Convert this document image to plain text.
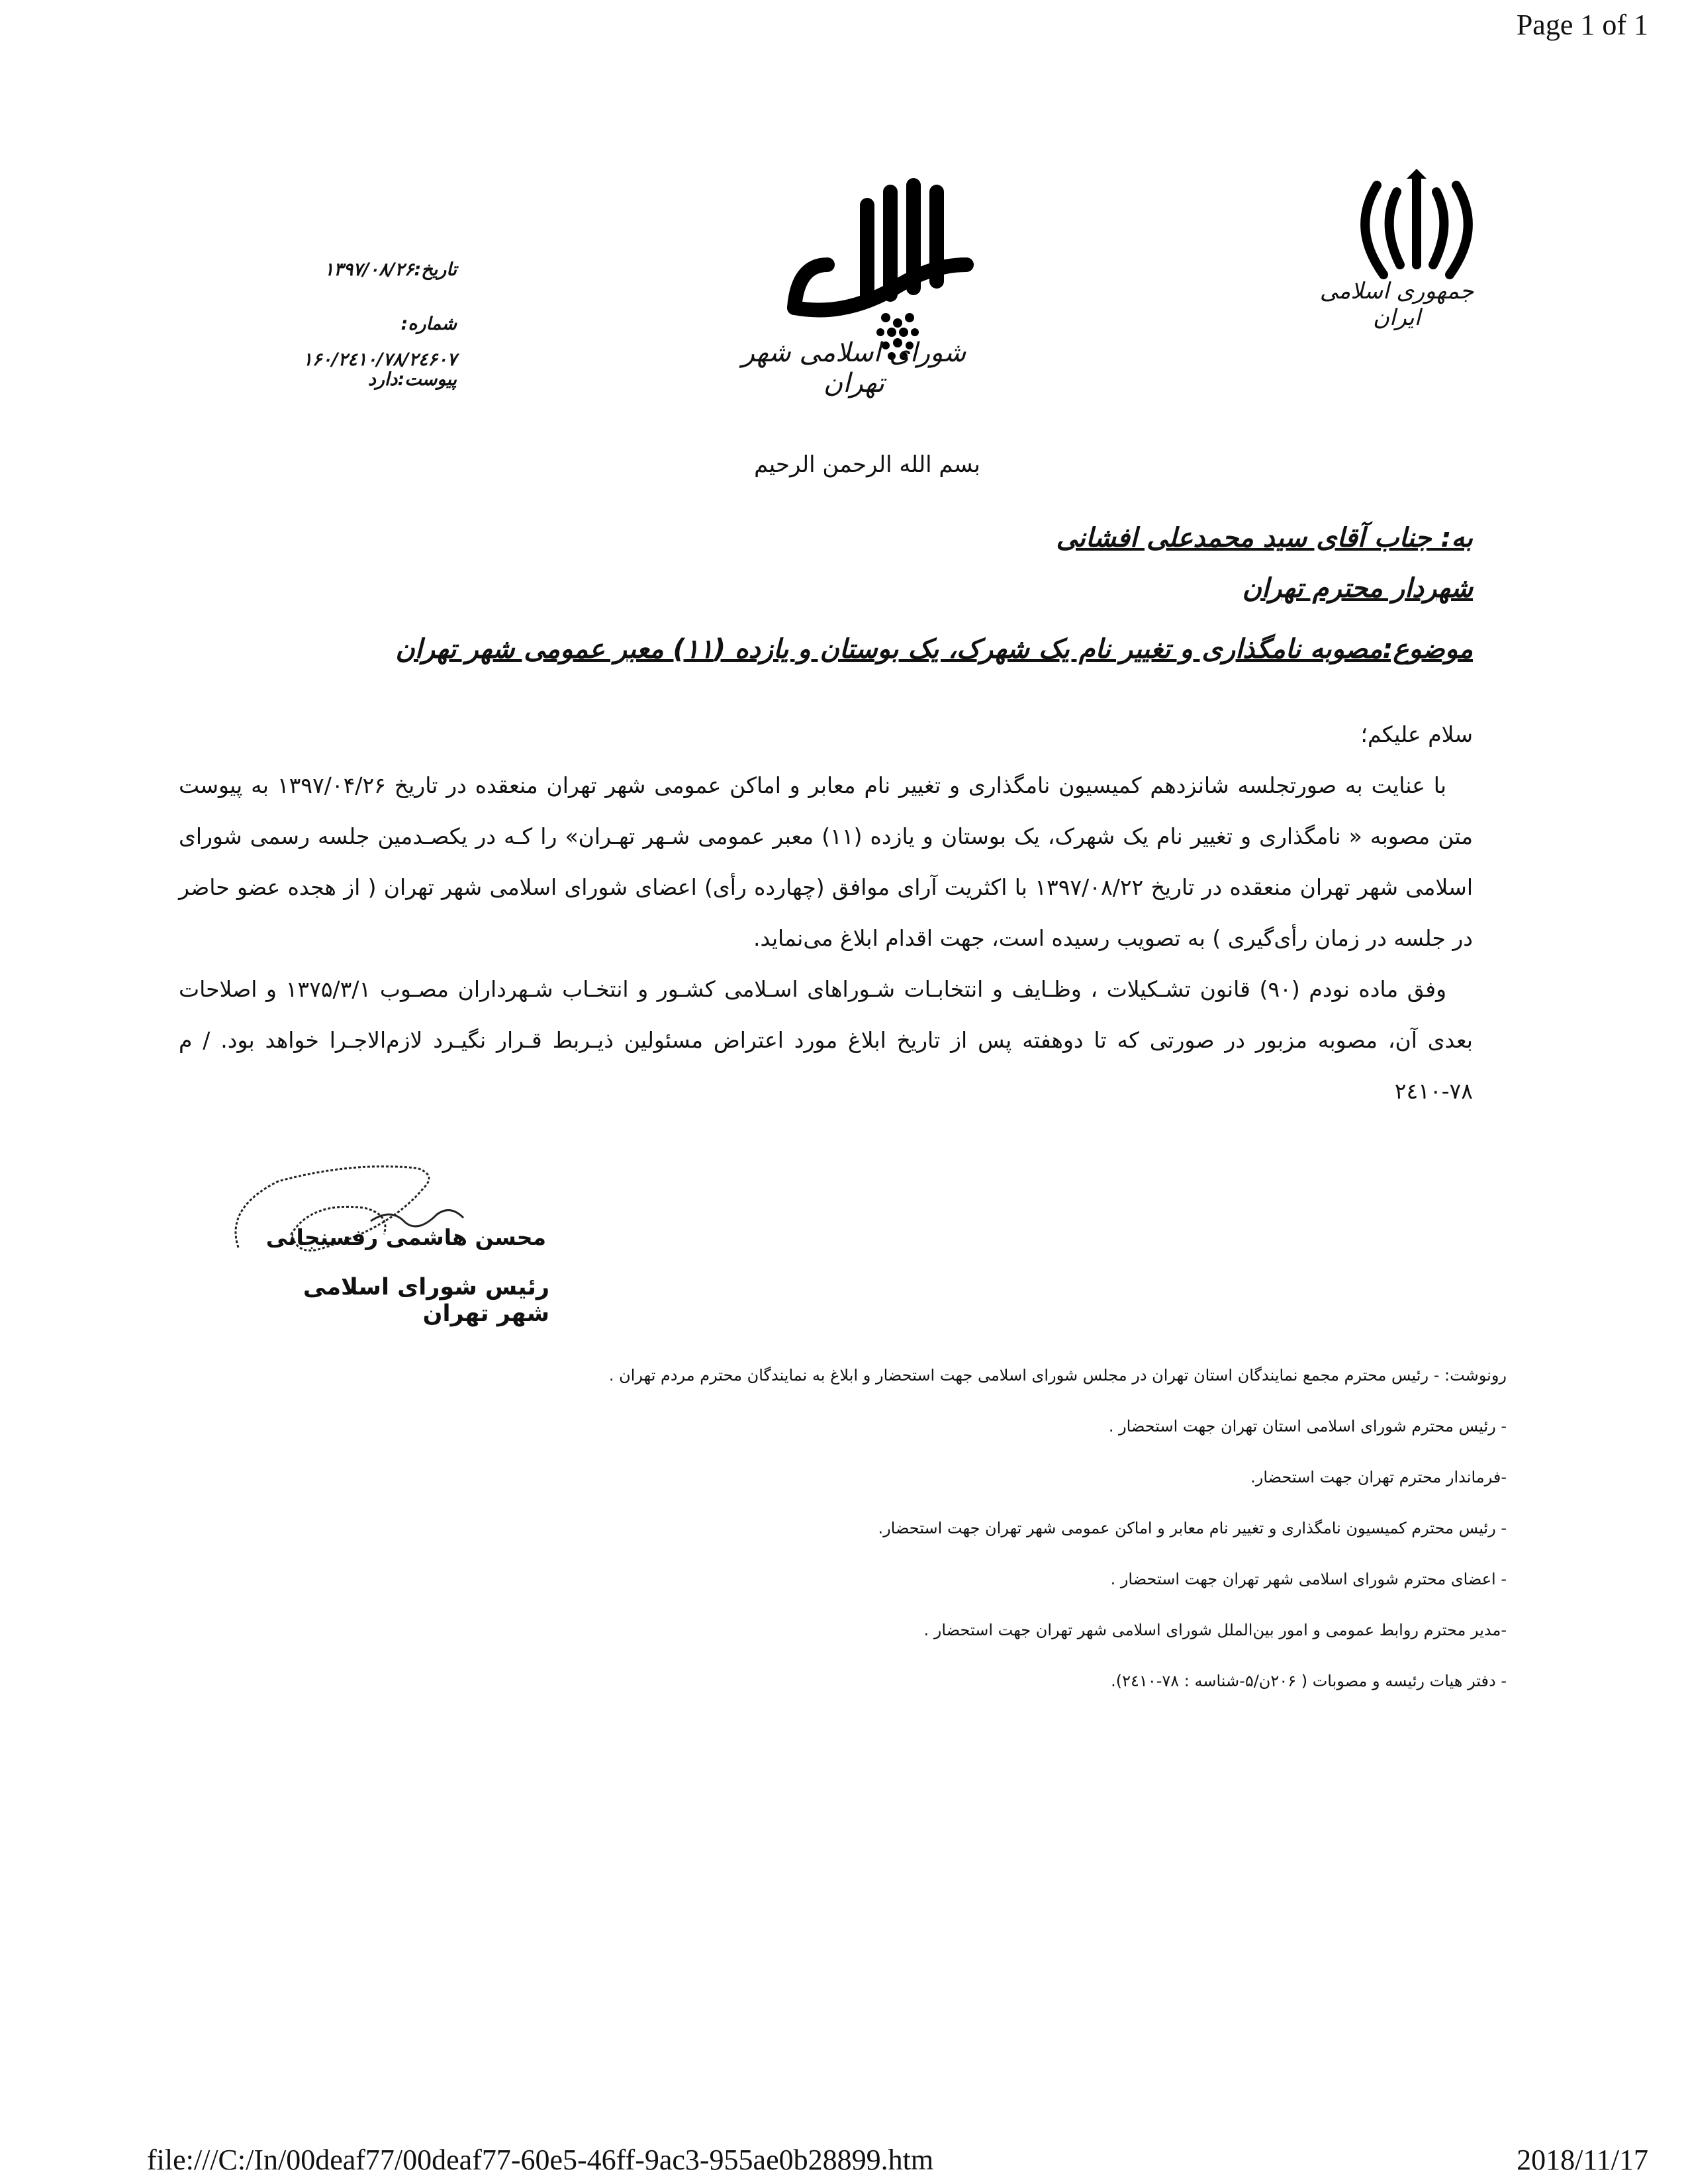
Page 1 of 1
file:///C:/In/00deaf77/00deaf77-60e5-46ff-9ac3-955ae0b28899.htm	2018/11/17
تاریخ:۱۳۹۷/۰۸/۲۶
شماره:
۱۶۰/۲٤۱۰/۷۸/۲٤۶۰۷
پیوست:دارد
شورای اسلامی شهر تهران
جمهوری اسلامی ایران
بسم الله الرحمن الرحيم
به: جناب آقای سید محمدعلی افشانی
شهردار محترم تهران
موضوع:مصوبه نامگذاری و تغییر نام یک شهرک، یک بوستان و یازده (۱۱) معبر عمومی شهر تهران
سلام علیکم؛

با عنایت به صورتجلسه شانزدهم کمیسیون نامگذاری و تغییر نام معابر و اماکن عمومی شهر تهران منعقده در تاریخ ۱۳۹۷/۰۴/۲۶ به پیوست متن مصوبه « نامگذاری و تغییر نام یک شهرک، یک بوستان و یازده (۱۱) معبر عمومی شـهر تهـران» را کـه در یکصـدمین جلسه رسمی شورای اسلامی شهر تهران منعقده در تاریخ ۱۳۹۷/۰۸/۲۲ با اکثریت آرای موافق (چهارده رأی) اعضای شورای اسلامی شهر تهران ( از هجده عضو حاضر در جلسه در زمان رأی‌گیری ) به تصویب رسیده است، جهت اقدام ابلاغ می‌نماید.

وفق ماده نودم (۹۰) قانون تشـکیلات ، وظـایف و انتخابـات شـوراهای اسـلامی کشـور و انتخـاب شـهرداران مصـوب ۱۳۷۵/۳/۱ و اصلاحات بعدی آن، مصوبه مزبور در صورتی که تا دوهفته پس از تاریخ ابلاغ مورد اعتراض مسئولین ذیـربط قـرار نگیـرد لازم‌الاجـرا خواهد بود. / م ۷۸-۲٤۱۰

محسن هاشمی رفسنجانی
رئیس شورای اسلامی شهر تهران
رونوشت: - رئیس محترم مجمع نمایندگان استان تهران در مجلس شورای اسلامی جهت استحضار و ابلاغ به نمایندگان محترم مردم تهران .
- رئیس محترم شورای اسلامی استان تهران جهت استحضار .
-فرماندار محترم تهران جهت استحضار.
- رئیس محترم کمیسیون نامگذاری و تغییر نام معابر و اماکن عمومی شهر تهران جهت استحضار.
- اعضای محترم شورای اسلامی شهر تهران جهت استحضار .
-مدیر محترم روابط عمومی و امور بین‌الملل شورای اسلامی شهر تهران جهت استحضار .
- دفتر هیات رئیسه و مصوبات ( ۲۰۶ن/۵-شناسه : ۷۸-۲٤۱۰).
